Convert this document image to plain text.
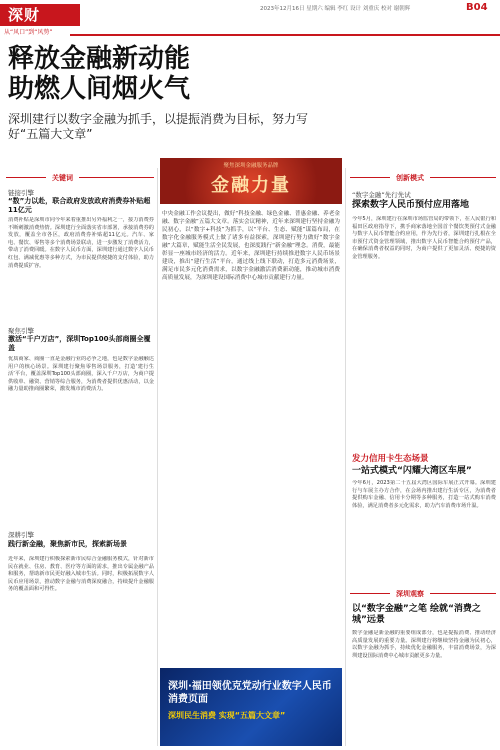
深财
从“风口”到“风势”
2023年12月16日 星期六 编辑 李红 设计 刘重庆 校对 谢朝辉	B04
释放金融新动能
助燃人间烟火气
深圳建行以数字金融为抓手，以提振消费为目标，努力写好“五篇大文章”
关键词
链接引擎
“数”力以赴，联合政府发放政府消费券补贴超11亿元
消费补贴是深圳市同今年来着重推出另外福利之一，接力消费券不断刺激消费热情。深圳建行全面落实省市部署，承接消费券的发放，覆盖全市各区，政府消费券补贴超11亿元。汽车、家电、餐饮、零售等多个消费场景联动，进一步激发了消费活力，带动了消费回暖。在数字人民币方面，深圳建行通过数字人民币红包、满减优惠等多种方式，为市民提供便捷的支付体验，助力消费提质扩容。
聚焦引擎
激活“千户万店”，深圳Top100头部商圈全覆盖
优质商家、商圈一直是金融行业的必争之地，也是数字金融触达用户的核心场景。深圳建行聚焦零售场景服务，打造‘建行生活’平台，覆盖深圳Top100头部商圈，深入千户万店，为商户提供收单、融资、营销等综合服务，为消费者提供优惠活动，以金融力量助推商圈繁荣，激发城市消费活力。
深耕引擎
践行新金融，聚焦新市民，探索新场景
近年来，深圳建行积极探索新市民综合金融服务模式，针对新市民在就业、住房、教育、医疗等方面的需求，推出专属金融产品和服务，帮助新市民更好融入城市生活。同时，积极拓展数字人民币应用场景，推动数字金融与消费深度融合，持续提升金融服务的覆盖面和可得性。
聚焦深圳金融服务品牌
金融力量
中央金融工作会议提出，做好“科技金融、绿色金融、普惠金融、养老金融、数字金融”五篇大文章。落实会议精神，近年来深圳建行坚持金融为民初心，以“数字+科技”为抓手，以“平台、生态、赋能”谋篇布局，在数字化金融服务模式上做了诸多有益探索，深圳建行努力做好“数字金融”大篇章，赋能生活全民发展，也深度践行“新金融”理念。消费，最能彰显一座城市经济的活力。近年来，深圳建行持续推进数字人民币场景建设，推出“建行生活”平台，通过线上线下联动，打造多元消费场景，满足市民多元化消费需求，以数字金融激活消费新动能，推动城市消费高质量发展，为深圳建设国际消费中心城市贡献建行力量。
深圳·福田领优克党动行业数字人民币消费页面
深圳民生消费 实现“五篇大文章”
创新模式
“数字金融”先行先试
探索数字人民币预付应用落地
今年5月，深圳建行在深圳市场监管局的带领下，在人民银行和福田区政府指导下，携手商家落地全国首个餐饮类预付式金融与数字人民币智能合约应用，作为先行者，深圳建行扎根在全市预付式资金管理领域，推出数字人民币智能合约预付产品，在确保消费者权益的同时，为商户提供了更加灵活、便捷的资金管理服务。
发力信用卡生态场景
一站式模式“闪耀大湾区车展”
今年6月，2023第二十五届大湾区国际车展正式开幕。深圳建行与车展主办方合作，在会场内推出建行生活专区，为消费者提供购车金融、信用卡分期等多种服务，打造一站式购车消费体验，满足消费者多元化需求，助力汽车消费市场升温。
深圳观察
以“数字金融”之笔 绘就“消费之城”远景
数字金融是新金融的重要组成部分，也是提振消费、推动经济高质量发展的重要力量。深圳建行将继续坚持金融为民初心，以数字金融为抓手，持续优化金融服务，丰富消费场景，为深圳建设国际消费中心城市贡献更多力量。
